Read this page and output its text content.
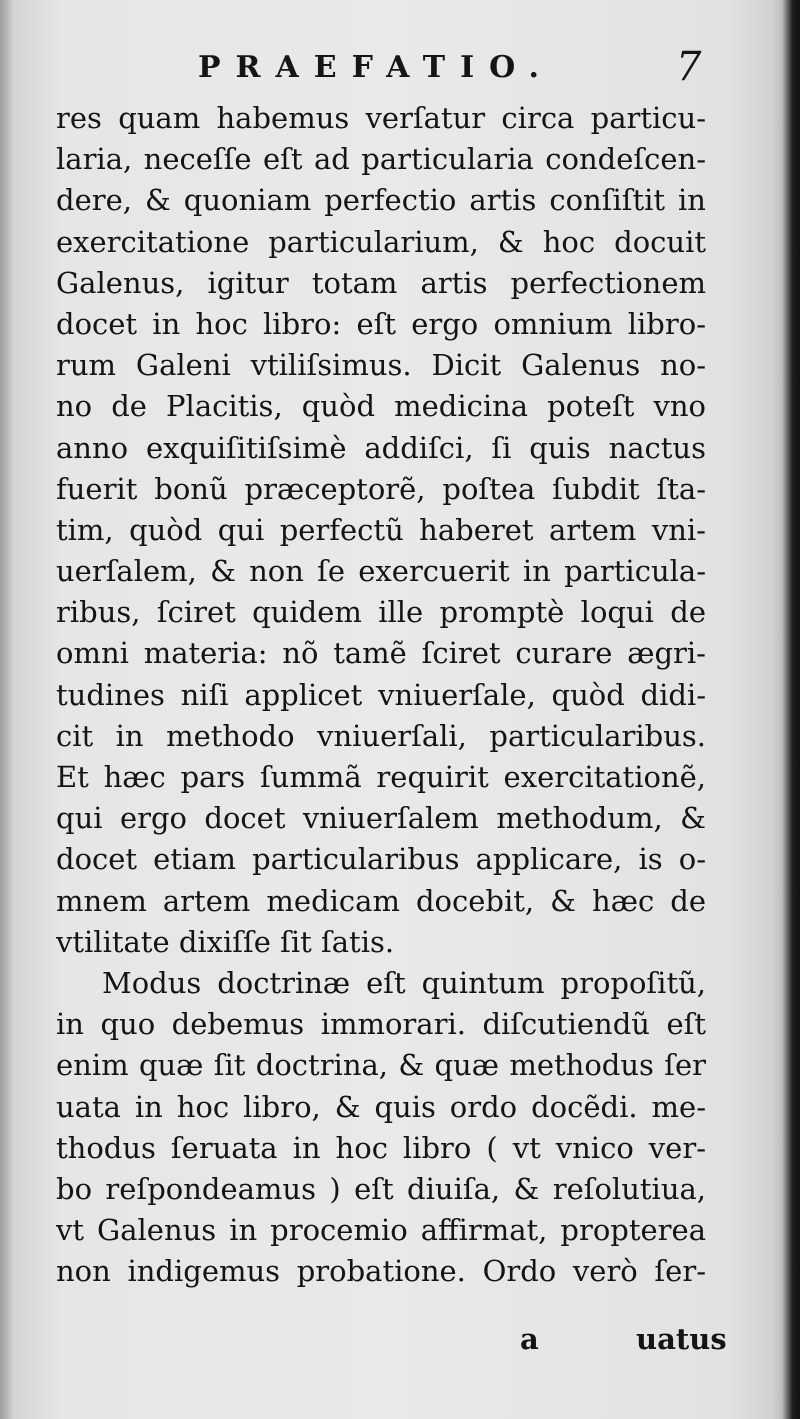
PRAEFATIO.	7
res quam habemus verſatur circa particu-
laria, neceſſe eſt ad particularia condeſcen-
dere, & quoniam perfectio artis conſiſtit in
exercitatione particularium, & hoc docuit
Galenus, igitur totam artis perfectionem
docet in hoc libro: eſt ergo omnium libro-
rum Galeni vtiliſsimus. Dicit Galenus no-
no de Placitis, quòd medicina poteſt vno
anno exquiſitiſsimè addiſci, ſi quis nactus
fuerit bonũ præceptorẽ, poſtea ſubdit ſta-
tim, quòd qui perfectũ haberet artem vni-
uerſalem, & non ſe exercuerit in particula-
ribus, ſciret quidem ille promptè loqui de
omni materia: nõ tamẽ ſciret curare ægri-
tudines niſi applicet vniuerſale, quòd didi-
cit in methodo vniuerſali, particularibus.
Et hæc pars ſummã requirit exercitationẽ,
qui ergo docet vniuerſalem methodum, &
docet etiam particularibus applicare, is o-
mnem artem medicam docebit, & hæc de
vtilitate dixiſſe ſit ſatis.
Modus doctrinæ eſt quintum propoſitũ,
in quo debemus immorari. diſcutiendũ eſt
enim quæ ſit doctrina, & quæ methodus ſer
uata in hoc libro, & quis ordo docẽdi. me-
thodus ſeruata in hoc libro ( vt vnico ver-
bo reſpondeamus ) eſt diuiſa, & reſolutiua,
vt Galenus in procemio affirmat, propterea
non indigemus probatione. Ordo verò ſer-
a	uatus
